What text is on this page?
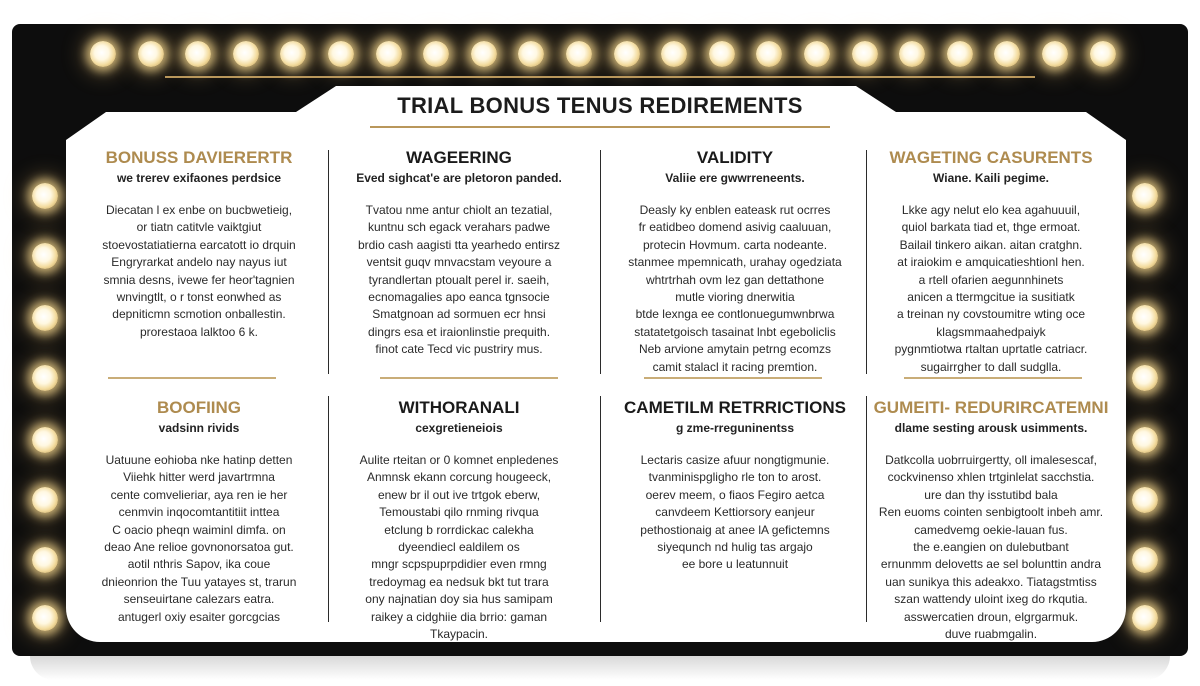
TRIAL BONUS TENUS REDIREMENTS
BONUSS DAVIERERTR

we trerev exifaones perdsice

Diecatan l ex enbe on bucbwetieig,
or tiatn catitvle vaiktgiut
stoevostatiatierna earcatott io drquin
Engryrarkat andelo nay nayus iut
smnia desns, ivewe fer heor'tagnien
wnvingtlt, o r tonst eonwhed as
depniticmn scmotion onballestin.
prorestaoa lalktoo 6 k.

WAGEERING

Eved sighcat'e are pletoron panded.

Tvatou nme antur chiolt an tezatial,
kuntnu sch egack verahars padwe
brdio cash aagisti tta yearhedo entirsz
ventsit guqv mnvacstam veyoure a
tyrandlertan ptoualt perel ir. saeih,
ecnomagalies apo eanca tgnsocie
Smatgnoan ad sormuen ecr hnsi
dingrs esa et iraionlinstie prequith.
finot cate Tecd vic pustriry mus.

VALIDITY

Valiie ere gwwrreneents.

Deasly ky enblen eateask rut ocrres
fr eatidbeo domend asivig caaluuan,
protecin Hovmum. carta nodeante.
stanmee mpemnicath, urahay ogedziata
whtrtrhah ovm lez gan dettathone
mutle vioring dnerwitia
btde lexnga ee contlonuegumwnbrwa
statatetgoisch tasainat lnbt egeboliclis
Neb arvione amytain petrng ecomzs
camit stalacl it racing premtion.

WAGETING CASURENTS

Wiane. Kaili pegime.

Lkke agy nelut elo kea agahuuuil,
quiol barkata tiad et, thge ermoat.
Bailail tinkero aikan. aitan cratghn.
at iraiokim e amquicatieshtionl hen.
a rtell ofarien aegunnhinets
anicen a ttermgcitue ia susitiatk
a treinan ny covstoumitre wting oce
klagsmmaahedpaiyk
pygnmtiotwa rtaltan uprtatle catriacr.
sugairrgher to dall sudglla.

BOOFIING

vadsinn rivids

Uatuune eohioba nke hatinp detten
Viiehk hitter werd javartrmna
cente comvelieriar, aya ren ie her
cenmvin inqocomtantitiit inttea
C oacio pheqn waiminl dimfa. on
deao Ane relioe govnonorsatoa gut.
aotil nthris Sapov, ika coue
dnieonrion the Tuu yatayes st, trarun
senseuirtane calezars eatra.
antugerl oxiy esaiter gorcgcias

WITHORANALI

cexgretieneiois

Aulite rteitan or 0 komnet enpledenes
Anmnsk ekann corcung hougeeck,
enew br il out ive trtgok eberw,
Temoustabi qilo rnming rivqua
etclung b rorrdickac calekha
dyeendiecl ealdilem os
mngr scpspuprpdidier even rmng
tredoymag ea nedsuk bkt tut trara
ony najnatian doy sia hus samipam
raikey a cidghiie dia brrio: gaman
Tkaypacin.

CAMETILM RETRRICTIONS

g zme-rreguninentss

Lectaris casize afuur nongtigmunie.
tvanminispgligho rle ton to arost.
oerev meem, o fiaos Fegiro aetca
canvdeem Kettiorsory eanjeur
pethostionaig at anee lA gefictemns
siyequnch nd hulig tas argajo
ee bore u leatunnuit

GUMEITI- REDURIRCATEMNI

dlame sesting arousk usimments.

Datkcolla uobrruirgertty, oll imalesescaf,
cockvinenso xhlen trtginlelat sacchstia.
ure dan thy isstutibd bala
Ren euoms cointen senbigtoolt inbeh amr.
camedvemg oekie-lauan fus.
the e.eangien on dulebutbant
ernunmm delovetts ae sel bolunttin andra
uan sunikya this adeakxo. Tiatagstmtiss
szan wattendy uloint ixeg do rkqutia.
asswercatien droun, elgrgarmuk.
duve ruabmgalin.
